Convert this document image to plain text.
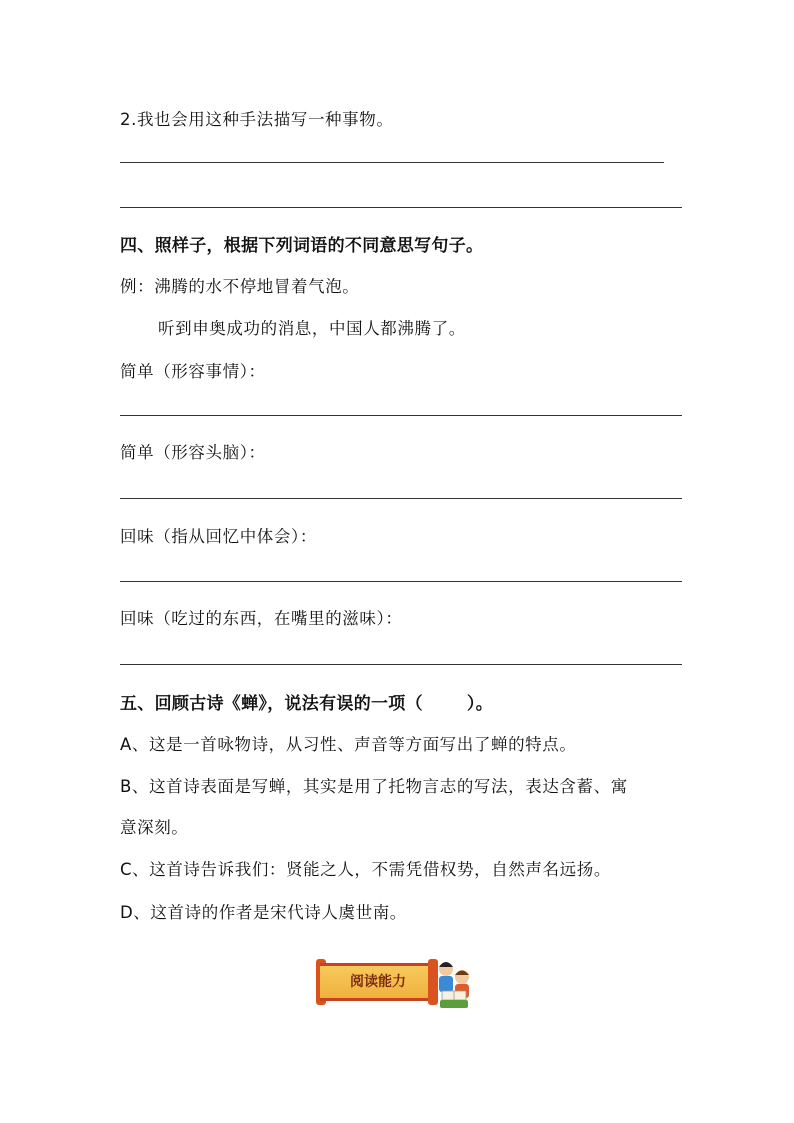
2.我也会用这种手法描写一种事物。
四、照样子，根据下列词语的不同意思写句子。
例：沸腾的水不停地冒着气泡。
听到申奥成功的消息，中国人都沸腾了。
简单（形容事情）：
简单（形容头脑）：
回味（指从回忆中体会）：
回味（吃过的东西，在嘴里的滋味）：
五、回顾古诗《蝉》，说法有误的一项（	）。
A、这是一首咏物诗，从习性、声音等方面写出了蝉的特点。
B、这首诗表面是写蝉，其实是用了托物言志的写法，表达含蓄、寓
意深刻。
C、这首诗告诉我们：贤能之人，不需凭借权势，自然声名远扬。
D、这首诗的作者是宋代诗人虞世南。
阅读能力
